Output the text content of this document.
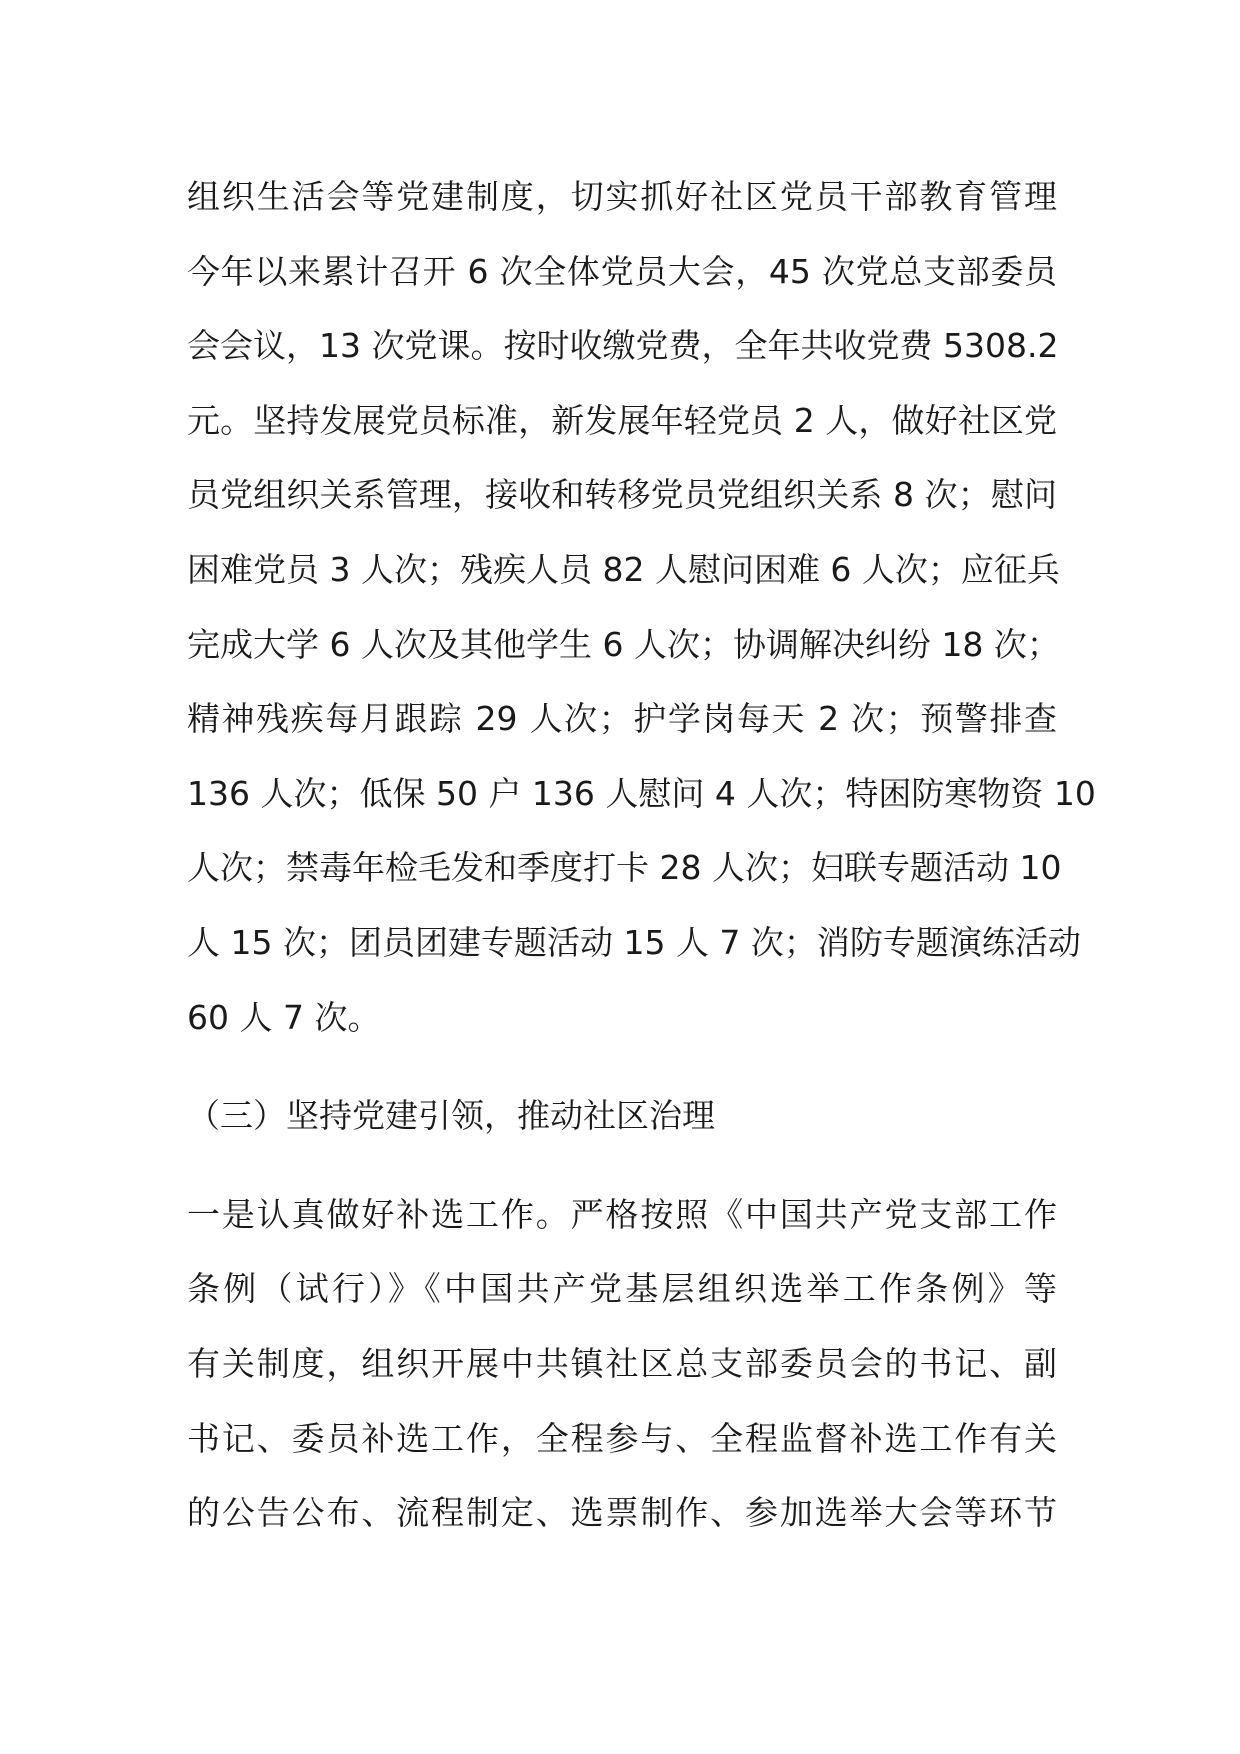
组织生活会等党建制度，切实抓好社区党员干部教育管理
今年以来累计召开 6 次全体党员大会，45 次党总支部委员
会会议，13 次党课。按时收缴党费，全年共收党费 5308.2
元。坚持发展党员标准，新发展年轻党员 2 人，做好社区党
员党组织关系管理，接收和转移党员党组织关系 8 次；慰问
困难党员 3 人次；残疾人员 82 人慰问困难 6 人次；应征兵
完成大学 6 人次及其他学生 6 人次；协调解决纠纷 18 次；
精神残疾每月跟踪 29 人次；护学岗每天 2 次；预警排查
136 人次；低保 50 户 136 人慰问 4 人次；特困防寒物资 10
人次；禁毒年检毛发和季度打卡 28 人次；妇联专题活动 10
人 15 次；团员团建专题活动 15 人 7 次；消防专题演练活动
60 人 7 次。
（三）坚持党建引领，推动社区治理
一是认真做好补选工作。严格按照《中国共产党支部工作
条例（试行）》《中国共产党基层组织选举工作条例》等
有关制度，组织开展中共镇社区总支部委员会的书记、副
书记、委员补选工作，全程参与、全程监督补选工作有关
的公告公布、流程制定、选票制作、参加选举大会等环节
